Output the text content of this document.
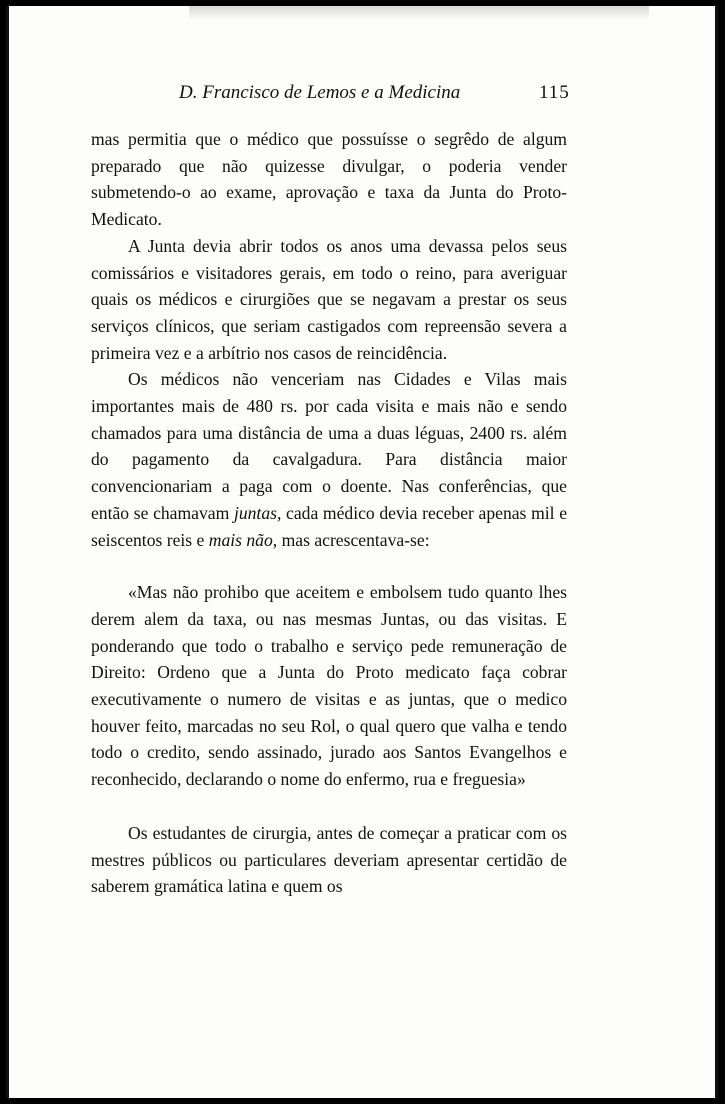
D. Francisco de Lemos e a Medicina	115

mas permitia que o médico que possuísse o segrêdo de algum preparado que não quizesse divulgar, o poderia vender submetendo-o ao exame, aprovação e taxa da Junta do Proto-Medicato.

A Junta devia abrir todos os anos uma devassa pelos seus comissários e visitadores gerais, em todo o reino, para averiguar quais os médicos e cirurgiões que se negavam a prestar os seus serviços clínicos, que seriam castigados com repreensão severa a primeira vez e a arbítrio nos casos de reincidência.

Os médicos não venceriam nas Cidades e Vilas mais importantes mais de 480 rs. por cada visita e mais não e sendo chamados para uma distância de uma a duas léguas, 2400 rs. além do pagamento da cavalgadura. Para distância maior convencionariam a paga com o doente. Nas conferências, que então se chamavam juntas, cada médico devia receber apenas mil e seiscentos reis e mais não, mas acrescentava-se:

«Mas não prohibo que aceitem e embolsem tudo quanto lhes derem alem da taxa, ou nas mesmas Juntas, ou das visitas. E ponderando que todo o trabalho e serviço pede remuneração de Direito: Ordeno que a Junta do Proto medicato faça cobrar executivamente o numero de visitas e as juntas, que o medico houver feito, marcadas no seu Rol, o qual quero que valha e tendo todo o credito, sendo assinado, jurado aos Santos Evangelhos e reconhecido, declarando o nome do enfermo, rua e freguesia»

Os estudantes de cirurgia, antes de começar a praticar com os mestres públicos ou particulares deveriam apresentar certidão de saberem gramática latina e quem os
